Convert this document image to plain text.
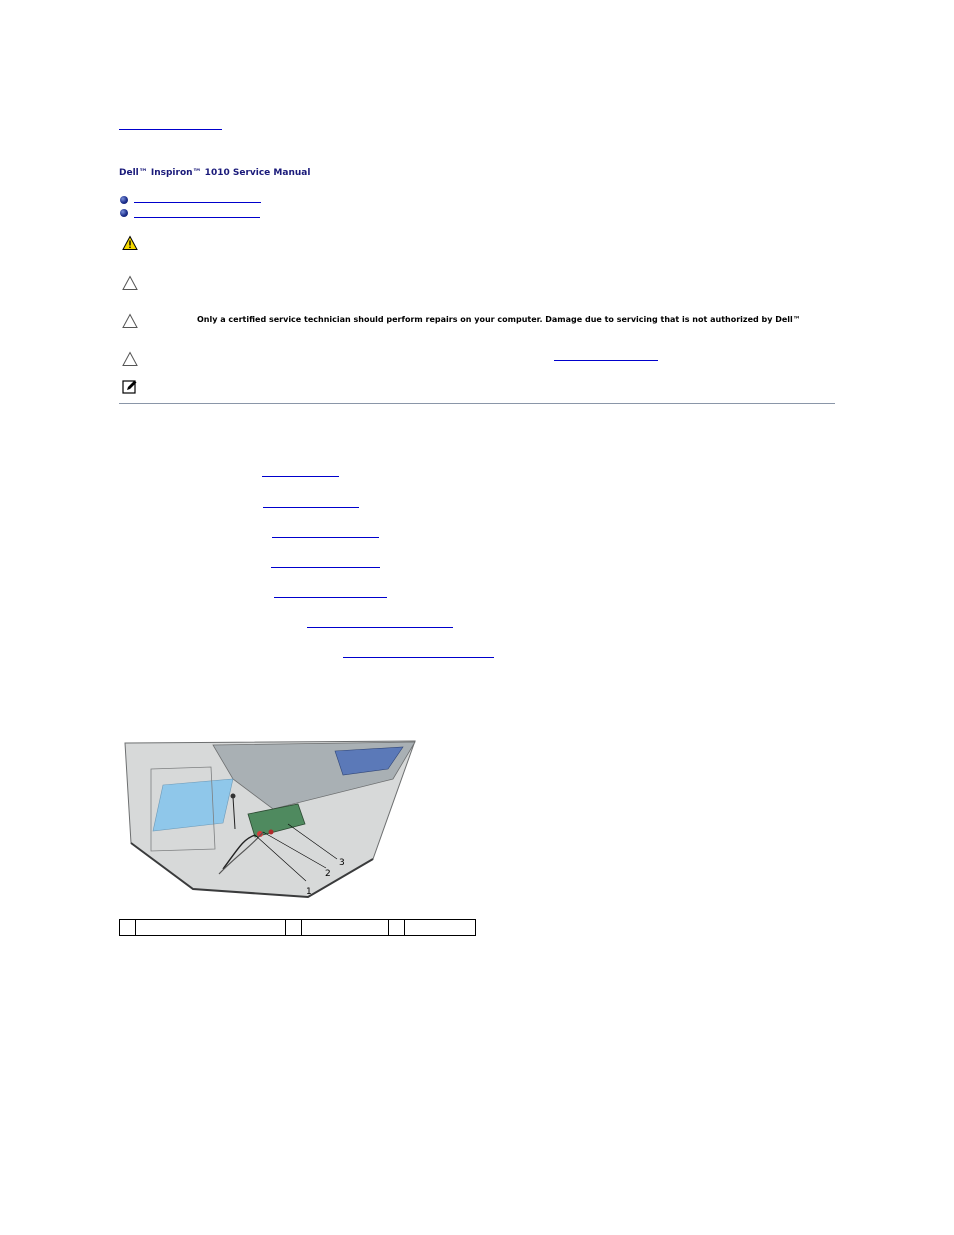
Dell™ Inspiron™ 1010 Service Manual
Only a certified service technician should perform repairs on your computer. Damage due to servicing that is not authorized by Dell™
1
2
3
